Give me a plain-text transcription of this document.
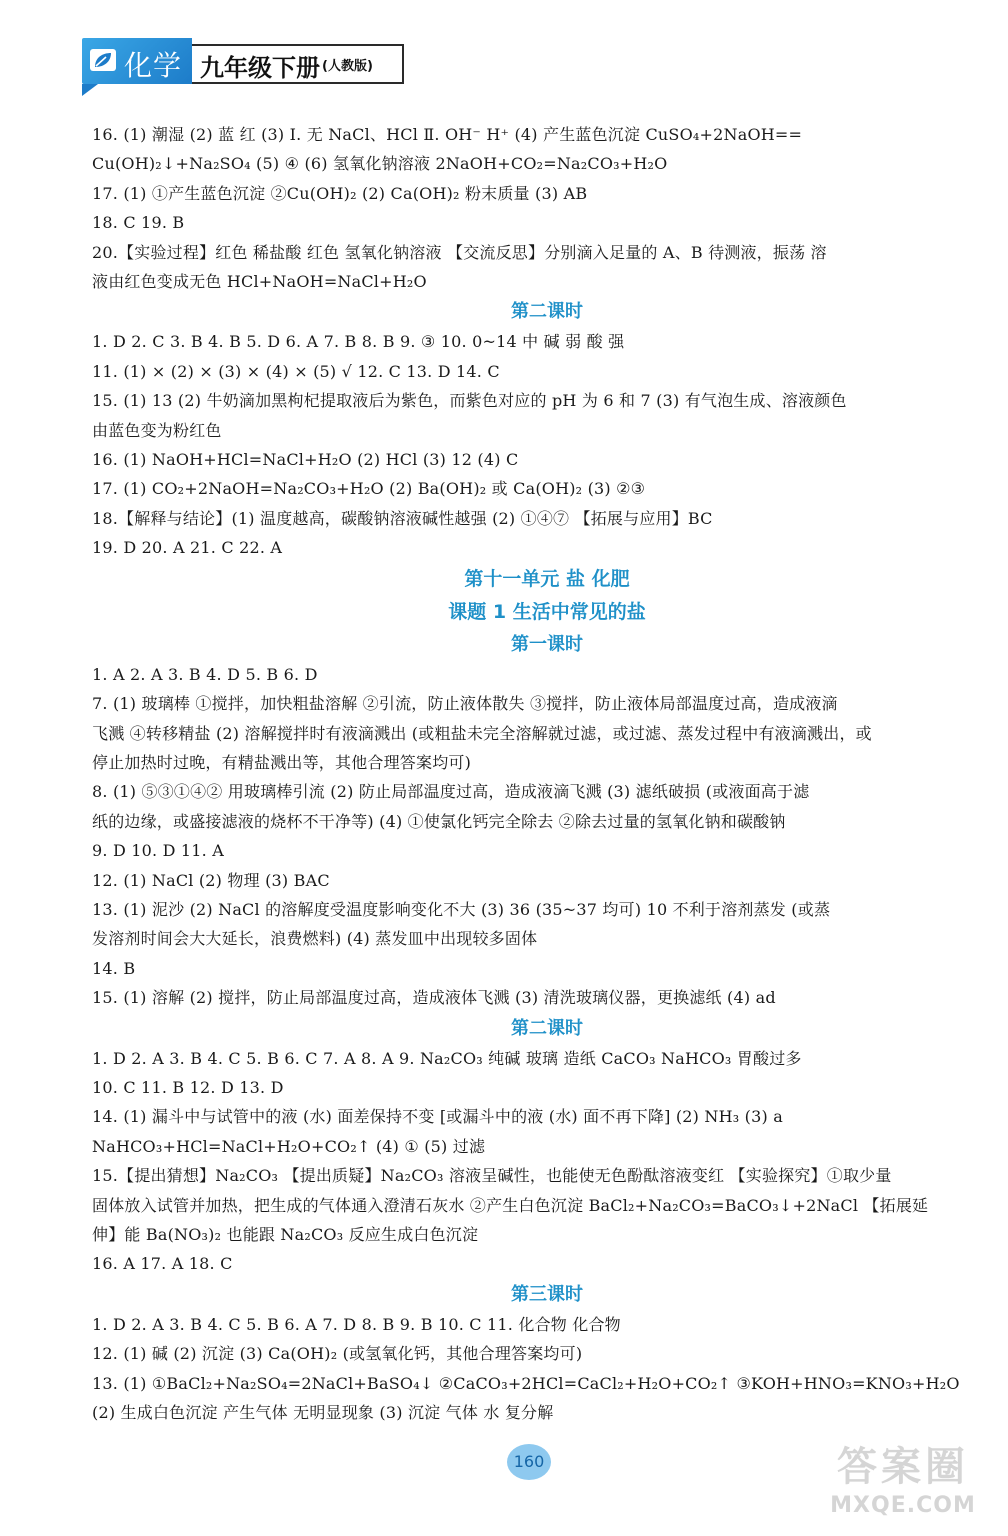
化学 九年级下册 (人教版)
16. (1) 潮湿 (2) 蓝 红 (3) Ⅰ. 无 NaCl、HCl Ⅱ. OH⁻ H⁺ (4) 产生蓝色沉淀 CuSO₄+2NaOH==
Cu(OH)₂↓+Na₂SO₄ (5) ④ (6) 氢氧化钠溶液 2NaOH+CO₂=Na₂CO₃+H₂O
17. (1) ①产生蓝色沉淀 ②Cu(OH)₂ (2) Ca(OH)₂ 粉末质量 (3) AB
18. C 19. B
20.【实验过程】红色 稀盐酸 红色 氢氧化钠溶液 【交流反思】分别滴入足量的 A、B 待测液，振荡 溶
液由红色变成无色 HCl+NaOH=NaCl+H₂O
第二课时
1. D 2. C 3. B 4. B 5. D 6. A 7. B 8. B 9. ③ 10. 0~14 中 碱 弱 酸 强
11. (1) × (2) × (3) × (4) × (5) √ 12. C 13. D 14. C
15. (1) 13 (2) 牛奶滴加黑枸杞提取液后为紫色，而紫色对应的 pH 为 6 和 7 (3) 有气泡生成、溶液颜色
由蓝色变为粉红色
16. (1) NaOH+HCl=NaCl+H₂O (2) HCl (3) 12 (4) C
17. (1) CO₂+2NaOH=Na₂CO₃+H₂O (2) Ba(OH)₂ 或 Ca(OH)₂ (3) ②③
18.【解释与结论】(1) 温度越高，碳酸钠溶液碱性越强 (2) ①④⑦ 【拓展与应用】BC
19. D 20. A 21. C 22. A
第十一单元 盐 化肥
课题 1 生活中常见的盐
第一课时
1. A 2. A 3. B 4. D 5. B 6. D
7. (1) 玻璃棒 ①搅拌，加快粗盐溶解 ②引流，防止液体散失 ③搅拌，防止液体局部温度过高，造成液滴
飞溅 ④转移精盐 (2) 溶解搅拌时有液滴溅出 (或粗盐未完全溶解就过滤，或过滤、蒸发过程中有液滴溅出，或
停止加热时过晚，有精盐溅出等，其他合理答案均可)
8. (1) ⑤③①④② 用玻璃棒引流 (2) 防止局部温度过高，造成液滴飞溅 (3) 滤纸破损 (或液面高于滤
纸的边缘，或盛接滤液的烧杯不干净等) (4) ①使氯化钙完全除去 ②除去过量的氢氧化钠和碳酸钠
9. D 10. D 11. A
12. (1) NaCl (2) 物理 (3) BAC
13. (1) 泥沙 (2) NaCl 的溶解度受温度影响变化不大 (3) 36 (35~37 均可) 10 不利于溶剂蒸发 (或蒸
发溶剂时间会大大延长，浪费燃料) (4) 蒸发皿中出现较多固体
14. B
15. (1) 溶解 (2) 搅拌，防止局部温度过高，造成液体飞溅 (3) 清洗玻璃仪器，更换滤纸 (4) ad
第二课时
1. D 2. A 3. B 4. C 5. B 6. C 7. A 8. A 9. Na₂CO₃ 纯碱 玻璃 造纸 CaCO₃ NaHCO₃ 胃酸过多
10. C 11. B 12. D 13. D
14. (1) 漏斗中与试管中的液 (水) 面差保持不变 [或漏斗中的液 (水) 面不再下降] (2) NH₃ (3) a
NaHCO₃+HCl=NaCl+H₂O+CO₂↑ (4) ① (5) 过滤
15.【提出猜想】Na₂CO₃ 【提出质疑】Na₂CO₃ 溶液呈碱性，也能使无色酚酞溶液变红 【实验探究】①取少量
固体放入试管并加热，把生成的气体通入澄清石灰水 ②产生白色沉淀 BaCl₂+Na₂CO₃=BaCO₃↓+2NaCl 【拓展延
伸】能 Ba(NO₃)₂ 也能跟 Na₂CO₃ 反应生成白色沉淀
16. A 17. A 18. C
第三课时
1. D 2. A 3. B 4. C 5. B 6. A 7. D 8. B 9. B 10. C 11. 化合物 化合物
12. (1) 碱 (2) 沉淀 (3) Ca(OH)₂ (或氢氧化钙，其他合理答案均可)
13. (1) ①BaCl₂+Na₂SO₄=2NaCl+BaSO₄↓ ②CaCO₃+2HCl=CaCl₂+H₂O+CO₂↑ ③KOH+HNO₃=KNO₃+H₂O
(2) 生成白色沉淀 产生气体 无明显现象 (3) 沉淀 气体 水 复分解
160	答案圈
MXQE.COM
